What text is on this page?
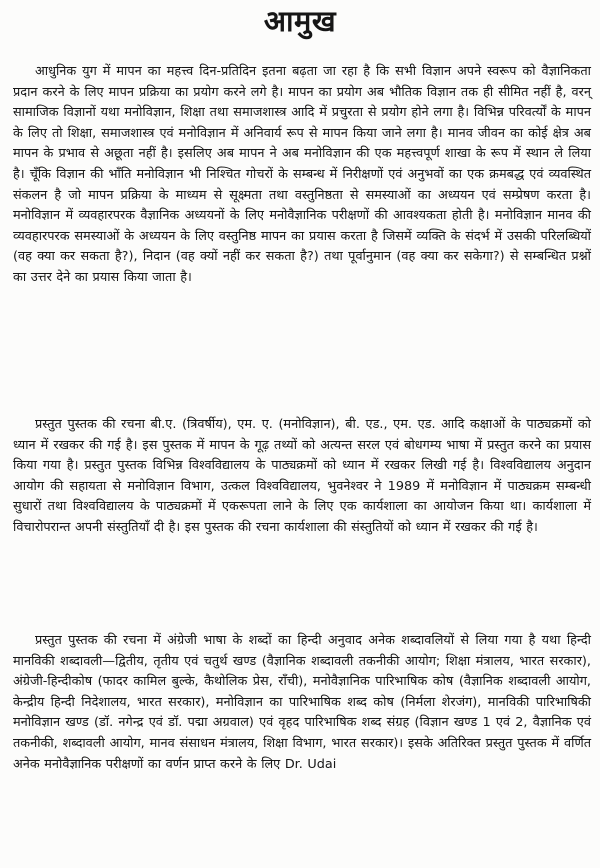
आमुख

आधुनिक युग में मापन का महत्त्व दिन-प्रतिदिन इतना बढ़ता जा रहा है कि सभी विज्ञान अपने स्वरूप को वैज्ञानिकता प्रदान करने के लिए मापन प्रक्रिया का प्रयोग करने लगे है। मापन का प्रयोग अब भौतिक विज्ञान तक ही सीमित नहीं है, वरन् सामाजिक विज्ञानों यथा मनोविज्ञान, शिक्षा तथा समाजशास्त्र आदि में प्रचुरता से प्रयोग होने लगा है। विभिन्न परिवर्त्यों के मापन के लिए तो शिक्षा, समाजशास्त्र एवं मनोविज्ञान में अनिवार्य रूप से मापन किया जाने लगा है। मानव जीवन का कोई क्षेत्र अब मापन के प्रभाव से अछूता नहीं है। इसलिए अब मापन ने अब मनोविज्ञान की एक महत्त्वपूर्ण शाखा के रूप में स्थान ले लिया है। चूँकि विज्ञान की भाँति मनोविज्ञान भी निश्चित गोचरों के सम्बन्ध में निरीक्षणों एवं अनुभवों का एक क्रमबद्ध एवं व्यवस्थित संकलन है जो मापन प्रक्रिया के माध्यम से सूक्ष्मता तथा वस्तुनिष्ठता से समस्याओं का अध्ययन एवं सम्प्रेषण करता है। मनोविज्ञान में व्यवहारपरक वैज्ञानिक अध्ययनों के लिए मनोवैज्ञानिक परीक्षणों की आवश्यकता होती है। मनोविज्ञान मानव की व्यवहारपरक समस्याओं के अध्ययन के लिए वस्तुनिष्ठ मापन का प्रयास करता है जिसमें व्यक्ति के संदर्भ में उसकी परिलब्धियों (वह क्या कर सकता है?), निदान (वह क्यों नहीं कर सकता है?) तथा पूर्वानुमान (वह क्या कर सकेगा?) से सम्बन्धित प्रश्नों का उत्तर देने का प्रयास किया जाता है।

प्रस्तुत पुस्तक की रचना बी.ए. (त्रिवर्षीय), एम. ए. (मनोविज्ञान), बी. एड., एम. एड. आदि कक्षाओं के पाठ्यक्रमों को ध्यान में रखकर की गई है। इस पुस्तक में मापन के गूढ़ तथ्यों को अत्यन्त सरल एवं बोधगम्य भाषा में प्रस्तुत करने का प्रयास किया गया है। प्रस्तुत पुस्तक विभिन्न विश्वविद्यालय के पाठ्यक्रमों को ध्यान में रखकर लिखी गई है। विश्वविद्यालय अनुदान आयोग की सहायता से मनोविज्ञान विभाग, उत्कल विश्वविद्यालय, भुवनेश्वर ने 1989 में मनोविज्ञान में पाठ्यक्रम सम्बन्धी सुधारों तथा विश्वविद्यालय के पाठ्यक्रमों में एकरूपता लाने के लिए एक कार्यशाला का आयोजन किया था। कार्यशाला में विचारोपरान्त अपनी संस्तुतियाँ दी है। इस पुस्तक की रचना कार्यशाला की संस्तुतियों को ध्यान में रखकर की गई है।

प्रस्तुत पुस्तक की रचना में अंग्रेजी भाषा के शब्दों का हिन्दी अनुवाद अनेक शब्दावलियों से लिया गया है यथा हिन्दी मानविकी शब्दावली—द्वितीय, तृतीय एवं चतुर्थ खण्ड (वैज्ञानिक शब्दावली तकनीकी आयोग; शिक्षा मंत्रालय, भारत सरकार), अंग्रेजी-हिन्दीकोष (फादर कामिल बुल्के, कैथोलिक प्रेस, राँची), मनोवैज्ञानिक पारिभाषिक कोष (वैज्ञानिक शब्दावली आयोग, केन्द्रीय हिन्दी निदेशालय, भारत सरकार), मनोविज्ञान का पारिभाषिक शब्द कोष (निर्मला शेरजंग), मानविकी पारिभाषिकी मनोविज्ञान खण्ड (डॉ. नगेन्द्र एवं डॉ. पद्मा अग्रवाल) एवं वृहद पारिभाषिक शब्द संग्रह (विज्ञान खण्ड 1 एवं 2, वैज्ञानिक एवं तकनीकी, शब्दावली आयोग, मानव संसाधन मंत्रालय, शिक्षा विभाग, भारत सरकार)। इसके अतिरिक्त प्रस्तुत पुस्तक में वर्णित अनेक मनोवैज्ञानिक परीक्षणों का वर्णन प्राप्त करने के लिए Dr. Udai
